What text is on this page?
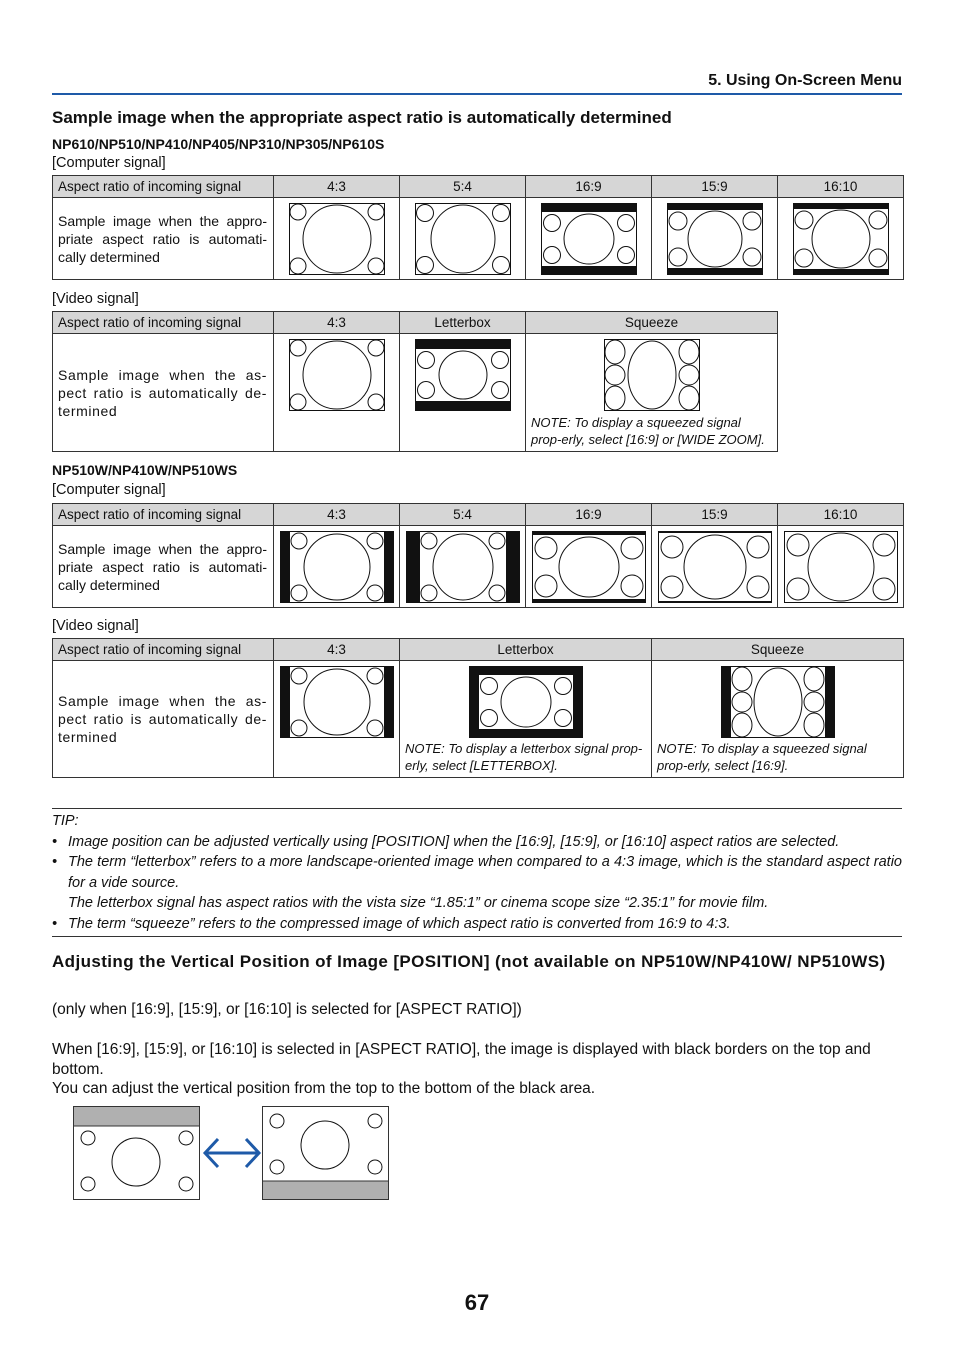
5. Using On-Screen Menu
Sample image when the appropriate aspect ratio is automatically determined
NP610/NP510/NP410/NP405/NP310/NP305/NP610S
[Computer signal]
Aspect ratio of incoming signal	4:3	5:4	16:9	15:9	16:10
Sample image when the appro-priate aspect ratio is automati-cally determined	

[Video signal]
Aspect ratio of incoming signal	4:3	Letterbox	Squeeze
Sample image when the as-pect ratio is automatically de-termined			NOTE: To display a squeezed signal prop-erly, select [16:9] or [WIDE ZOOM].
NP510W/NP410W/NP510WS
[Computer signal]
Aspect ratio of incoming signal	4:3	5:4	16:9	15:9	16:10
Sample image when the appro-priate aspect ratio is automati-cally determined	

[Video signal]
Aspect ratio of incoming signal	4:3	Letterbox	Squeeze
Sample image when the as-pect ratio is automatically de-termined		NOTE: To display a letterbox signal prop-erly, select [LETTERBOX].	NOTE: To display a squeezed signal prop-erly, select [16:9].
TIP:
• Image position can be adjusted vertically using [POSITION] when the [16:9], [15:9], or [16:10] aspect ratios are selected.
• The term “letterbox” refers to a more landscape-oriented image when compared to a 4:3 image, which is the standard aspect ratio for a vide source.
The letterbox signal has aspect ratios with the vista size “1.85:1” or cinema scope size “2.35:1” for movie film.
• The term “squeeze” refers to the compressed image of which aspect ratio is converted from 16:9 to 4:3.
Adjusting the Vertical Position of Image [POSITION] (not available on NP510W/NP410W/ NP510WS)
(only when [16:9], [15:9], or [16:10] is selected for [ASPECT RATIO])
When [16:9], [15:9], or [16:10] is selected in [ASPECT RATIO], the image is displayed with black borders on the top and bottom.
You can adjust the vertical position from the top to the bottom of the black area.
67
